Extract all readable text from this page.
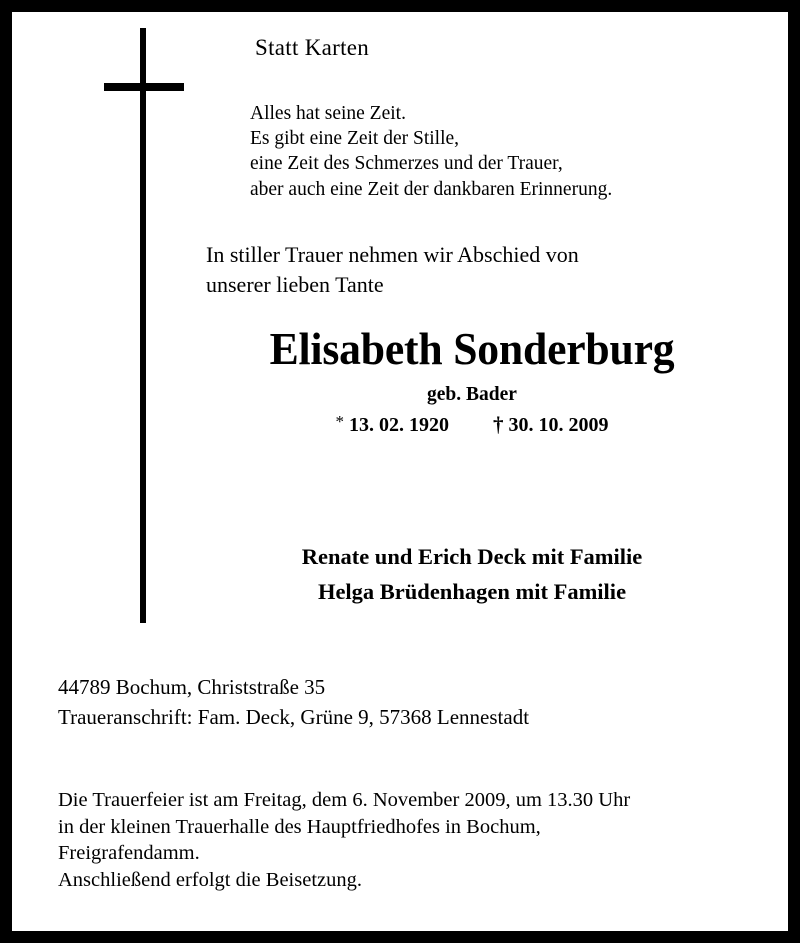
Statt Karten
Alles hat seine Zeit.
Es gibt eine Zeit der Stille,
eine Zeit des Schmerzes und der Trauer,
aber auch eine Zeit der dankbaren Erinnerung.
In stiller Trauer nehmen wir Abschied von
unserer lieben Tante
Elisabeth Sonderburg
geb. Bader
* 13. 02. 1920 † 30. 10. 2009
Renate und Erich Deck mit Familie
Helga Brüdenhagen mit Familie
44789 Bochum, Christstraße 35
Traueranschrift: Fam. Deck, Grüne 9, 57368 Lennestadt
Die Trauerfeier ist am Freitag, dem 6. November 2009, um 13.30 Uhr
in der kleinen Trauerhalle des Hauptfriedhofes in Bochum,
Freigrafendamm.
Anschließend erfolgt die Beisetzung.
